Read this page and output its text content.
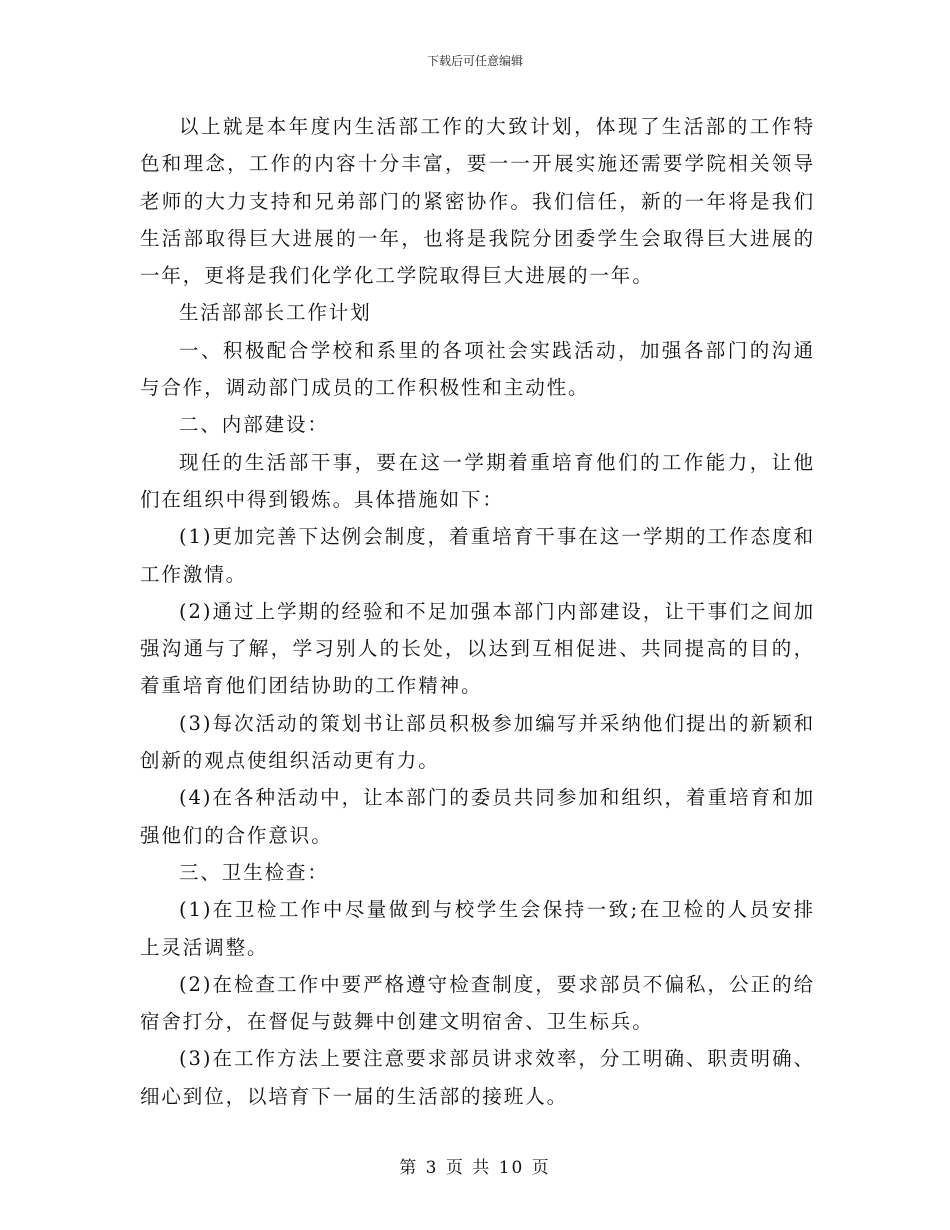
下载后可任意编辑

以上就是本年度内生活部工作的大致计划，体现了生活部的工作特色和理念，工作的内容十分丰富，要一一开展实施还需要学院相关领导老师的大力支持和兄弟部门的紧密协作。我们信任，新的一年将是我们生活部取得巨大进展的一年，也将是我院分团委学生会取得巨大进展的一年，更将是我们化学化工学院取得巨大进展的一年。

生活部部长工作计划

一、积极配合学校和系里的各项社会实践活动，加强各部门的沟通与合作，调动部门成员的工作积极性和主动性。

二、内部建设：

现任的生活部干事，要在这一学期着重培育他们的工作能力，让他们在组织中得到锻炼。具体措施如下：

(1)更加完善下达例会制度，着重培育干事在这一学期的工作态度和工作激情。

(2)通过上学期的经验和不足加强本部门内部建设，让干事们之间加强沟通与了解，学习别人的长处，以达到互相促进、共同提高的目的，着重培育他们团结协助的工作精神。

(3)每次活动的策划书让部员积极参加编写并采纳他们提出的新颖和创新的观点使组织活动更有力。

(4)在各种活动中，让本部门的委员共同参加和组织，着重培育和加强他们的合作意识。

三、卫生检查：

(1)在卫检工作中尽量做到与校学生会保持一致;在卫检的人员安排上灵活调整。

(2)在检查工作中要严格遵守检查制度，要求部员不偏私，公正的给宿舍打分，在督促与鼓舞中创建文明宿舍、卫生标兵。

(3)在工作方法上要注意要求部员讲求效率，分工明确、职责明确、细心到位，以培育下一届的生活部的接班人。

第 3 页 共 10 页
